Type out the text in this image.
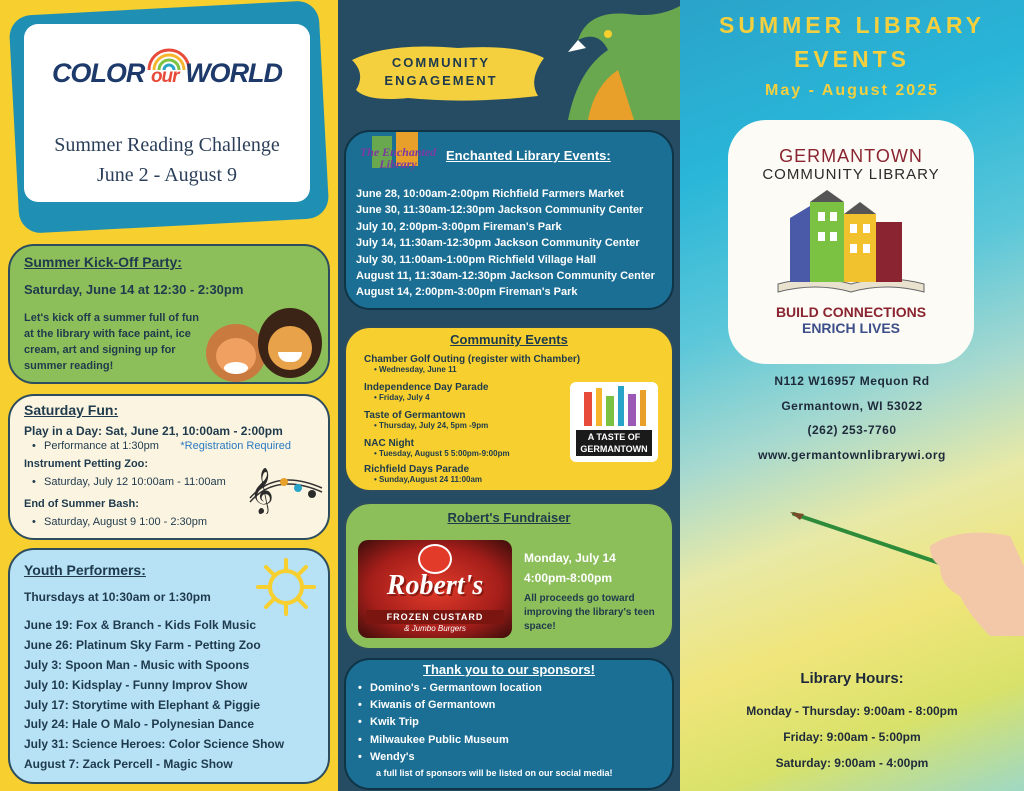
COLOR our WORLD
Summer Reading Challenge
June 2 - August 9
Summer Kick-Off Party:
Saturday, June 14 at 12:30 - 2:30pm
Let's kick off a summer full of fun at the library with face paint, ice cream, art and signing up for summer reading!
Saturday Fun:
Play in a Day: Sat, June 21, 10:00am - 2:00pm
• Performance at 1:30pm *Registration Required
Instrument Petting Zoo:
• Saturday, July 12 10:00am - 11:00am
End of Summer Bash:
• Saturday, August 9 1:00 - 2:30pm
𝄞
Youth Performers:
Thursdays at 10:30am or 1:30pm
June 19: Fox & Branch - Kids Folk Music
June 26: Platinum Sky Farm - Petting Zoo
July 3: Spoon Man - Music with Spoons
July 10: Kidsplay - Funny Improv Show
July 17: Storytime with Elephant & Piggie
July 24: Hale O Malo - Polynesian Dance
July 31: Science Heroes: Color Science Show
August 7: Zack Percell - Magic Show
COMMUNITY
ENGAGEMENT
The Enchanted
Library
Enchanted Library Events:
June 28, 10:00am-2:00pm Richfield Farmers Market
June 30, 11:30am-12:30pm Jackson Community Center
July 10, 2:00pm-3:00pm Fireman's Park
July 14, 11:30am-12:30pm Jackson Community Center
July 30, 11:00am-1:00pm Richfield Village Hall
August 11, 11:30am-12:30pm Jackson Community Center
August 14, 2:00pm-3:00pm Fireman's Park
Community Events
Chamber Golf Outing (register with Chamber)
• Wednesday, June 11
Independence Day Parade
• Friday, July 4
Taste of Germantown
• Thursday, July 24, 5pm -9pm
NAC Night
• Tuesday, August 5 5:00pm-9:00pm
Richfield Days Parade
• Sunday,August 24 11:00am
A TASTE OF
GERMANTOWN
Robert's Fundraiser
Robert's
FROZEN CUSTARD
& Jumbo Burgers
Monday, July 14
4:00pm-8:00pm
All proceeds go toward improving the library's teen space!
Thank you to our sponsors!
• Domino's - Germantown location
• Kiwanis of Germantown
• Kwik Trip
• Milwaukee Public Museum
• Wendy's
a full list of sponsors will be listed on our social media!
SUMMER LIBRARY
EVENTS
May - August 2025
GERMANTOWN
COMMUNITY LIBRARY
BUILD CONNECTIONS
ENRICH LIVES
N112 W16957 Mequon Rd
Germantown, WI 53022
(262) 253-7760
www.germantownlibrarywi.org
Library Hours:
Monday - Thursday: 9:00am - 8:00pm
Friday: 9:00am - 5:00pm
Saturday: 9:00am - 4:00pm
